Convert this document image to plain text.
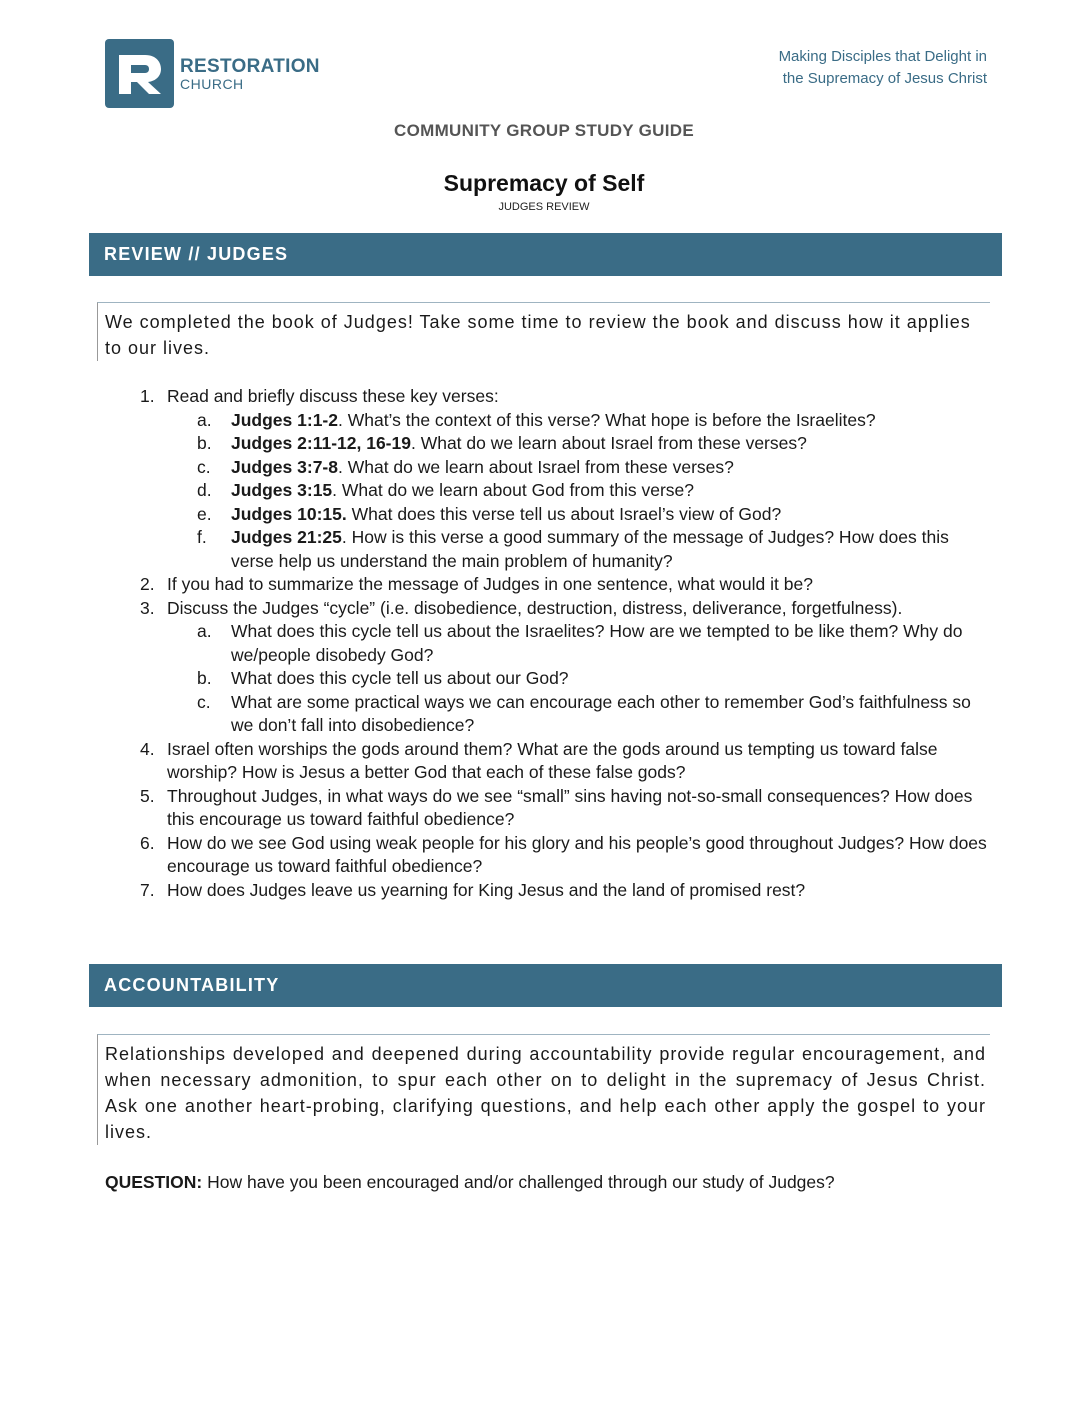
RESTORATION
CHURCH
Making Disciples that Delight in
the Supremacy of Jesus Christ
COMMUNITY GROUP STUDY GUIDE
Supremacy of Self
JUDGES REVIEW
REVIEW // JUDGES
We completed the book of Judges! Take some time to review the book and discuss how it applies to our lives.
1. Read and briefly discuss these key verses:
a.	Judges 1:1-2. What’s the context of this verse? What hope is before the Israelites?
b.	Judges 2:11-12, 16-19. What do we learn about Israel from these verses?
c.	Judges 3:7-8. What do we learn about Israel from these verses?
d.	Judges 3:15. What do we learn about God from this verse?
e.	Judges 10:15. What does this verse tell us about Israel’s view of God?
f.	Judges 21:25. How is this verse a good summary of the message of Judges? How does this verse help us understand the main problem of humanity?
2. If you had to summarize the message of Judges in one sentence, what would it be?
3. Discuss the Judges “cycle” (i.e. disobedience, destruction, distress, deliverance, forgetfulness).
a.	What does this cycle tell us about the Israelites? How are we tempted to be like them? Why do we/people disobedy God?
b.	What does this cycle tell us about our God?
c.	What are some practical ways we can encourage each other to remember God’s faithfulness so we don’t fall into disobedience?
4. Israel often worships the gods around them? What are the gods around us tempting us toward false worship? How is Jesus a better God that each of these false gods?
5. Throughout Judges, in what ways do we see “small” sins having not-so-small consequences? How does this encourage us toward faithful obedience?
6. How do we see God using weak people for his glory and his people’s good throughout Judges? How does encourage us toward faithful obedience?
7. How does Judges leave us yearning for King Jesus and the land of promised rest?
ACCOUNTABILITY
Relationships developed and deepened during accountability provide regular encouragement, and when necessary admonition, to spur each other on to delight in the supremacy of Jesus Christ. Ask one another heart-probing, clarifying questions, and help each other apply the gospel to your lives.
QUESTION: How have you been encouraged and/or challenged through our study of Judges?
